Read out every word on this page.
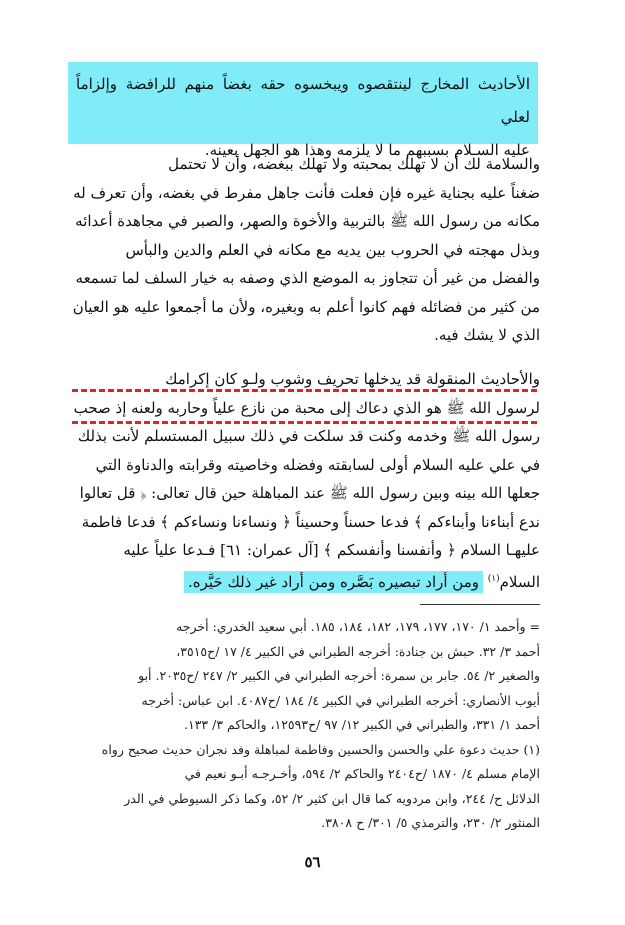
الأحاديث المخارج لينتقصوه ويبخسوه حقه بغضاً منهم للرافضة وإلزاماً لعلي

عليه السـلام بسببهم ما لا يلزمه وهذا هو الجهل بعينه.

والسلامة لك أن لا تهلك بمحبته ولا تهلك ببغضه، وأن لا تحتمل

ضغناً عليه بجناية غيره فإن فعلت فأنت جاهل مفرط في بغضه، وأن تعرف له

مكانه من رسول الله ﷺ بالتربية والأخوة والصهر، والصبر في مجاهدة أعدائه

وبذل مهجته في الحروب بين يديه مع مكانه في العلم والدين والبأس

والفضل من غير أن تتجاوز به الموضع الذي وصفه به خيار السلف لما تسمعه

من كثير من فضائله فهم كانوا أعلم به وبغيره، ولأن ما أجمعوا عليه هو العيان

الذي لا يشك فيه.

والأحاديث المنقولة قد يدخلها تحريف وشوب ولـو كان إكرامك

لرسول الله ﷺ هو الذي دعاك إلى محبة من نازع علياً وحاربه ولعنه إذ صحب

رسول الله ﷺ وخدمه وكنت قد سلكت في ذلك سبيل المستسلم لأنت بذلك

في علي عليه السلام أولى لسابقته وفضله وخاصيته وقرابته والدناوة التي

جعلها الله بينه وبين رسول الله ﷺ عند المباهلة حين قال تعالى: ﴿ قل تعالوا

ندع أبناءنا وأبناءكم ﴾ فدعا حسناً وحسيناً ﴿ ونساءنا ونساءكم ﴾ فدعا فاطمة

عليهـا السلام ﴿ وأنفسنا وأنفسكم ﴾ [آل عمران: ٦١] فـدعا علياً عليه

السلام$^{(١)}$ ومن أراد تبصيره بَصَّره ومن أراد غير ذلك حَيَّره.

= وأحمد ١/ ١٧٠، ١٧٧، ١٧٩، ١٨٢، ١٨٤، ١٨٥. أبي سعيد الخدري: أخرجه

أحمد ٣/ ٣٢. حبش بن جنادة: أخرجه الطبراني في الكبير ٤/ ١٧ /ح٣٥١٥،

والصغير ٢/ ٥٤. جابر بن سمرة: أخرجه الطبراني في الكبير ٢/ ٢٤٧ /ح٢٠٣٥. أبو

أيوب الأنصاري: أخرجه الطبراني في الكبير ٤/ ١٨٤ /ح٤٠٨٧. ابن عباس: أخرجه

أحمد ١/ ٣٣١، والطبراني في الكبير ١٢/ ٩٧ /ح١٢٥٩٣، والحاكم ٣/ ١٣٣.

(١) حديث دعوة علي والحسن والحسين وفاطمة لمباهلة وفد نجران حديث صحيح رواه

الإمام مسلم ٤/ ١٨٧٠ /ح٢٤٠٤ والحاكم ٢/ ٥٩٤، وأخـرجـه أبـو نعيم في

الدلائل ح/ ٢٤٤، وابن مردويه كما قال ابن كثير ٢/ ٥٢، وكما ذكر السيوطي في الدر

المنثور ٢/ ٢٣٠، والترمذي ٥/ ٣٠١/ ح ٣٨٠٨.

٥٦
